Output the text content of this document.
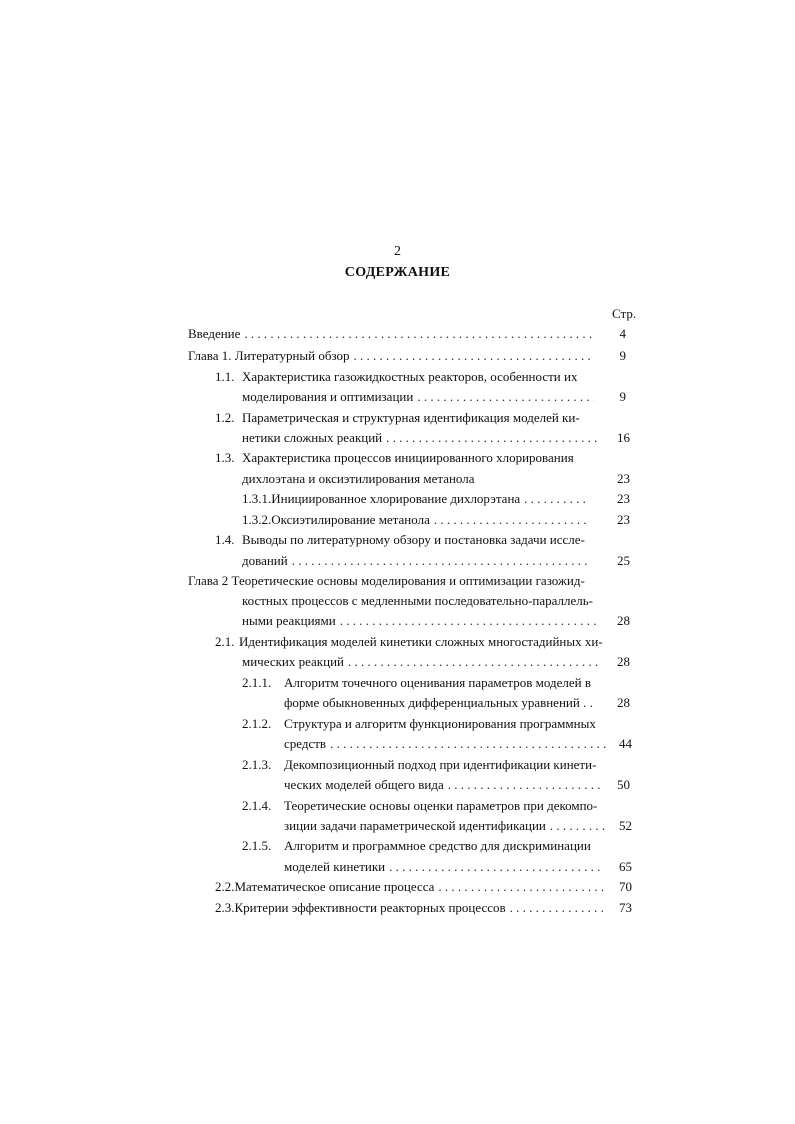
2
СОДЕРЖАНИЕ
Стр.
Введение . . .	4
Глава 1. Литературный обзор . . .	9
1.1. Характеристика газожидкостных реакторов, особенности их
моделирования и оптимизации . . .	9
1.2. Параметрическая и структурная идентификация моделей ки-
нетики сложных реакций . . .	16
1.3. Характеристика процессов инициированного хлорирования
дихлоэтана и оксиэтилирования метанола	23
1.3.1. Инициированное хлорирование дихлорэтана . . .	23
1.3.2. Оксиэтилирование метанола . . .	23
1.4. Выводы по литературному обзору и постановка задачи иссле-
дований . . .	25
Глава 2 Теоретические основы моделирования и оптимизации газожид-
костных процессов с медленными последовательно-параллель-
ными реакциями . . .	28
2.1. Идентификация моделей кинетики сложных многостадийных хи-
мических реакций . . .	28
2.1.1. Алгоритм точечного оценивания параметров моделей в
форме обыкновенных дифференциальных уравнений . .	28
2.1.2. Структура и алгоритм функционирования программных
средств . . .	44
2.1.3. Декомпозиционный подход при идентификации кинети-
ческих моделей общего вида . . .	50
2.1.4. Теоретические основы оценки параметров при декомпо-
зиции задачи параметрической идентификации . . .	52
2.1.5. Алгоритм и программное средство для дискриминации
моделей кинетики . . .	65
2.2. Математическое описание процесса . . .	70
2.3. Критерии эффективности реакторных процессов . . .	73
